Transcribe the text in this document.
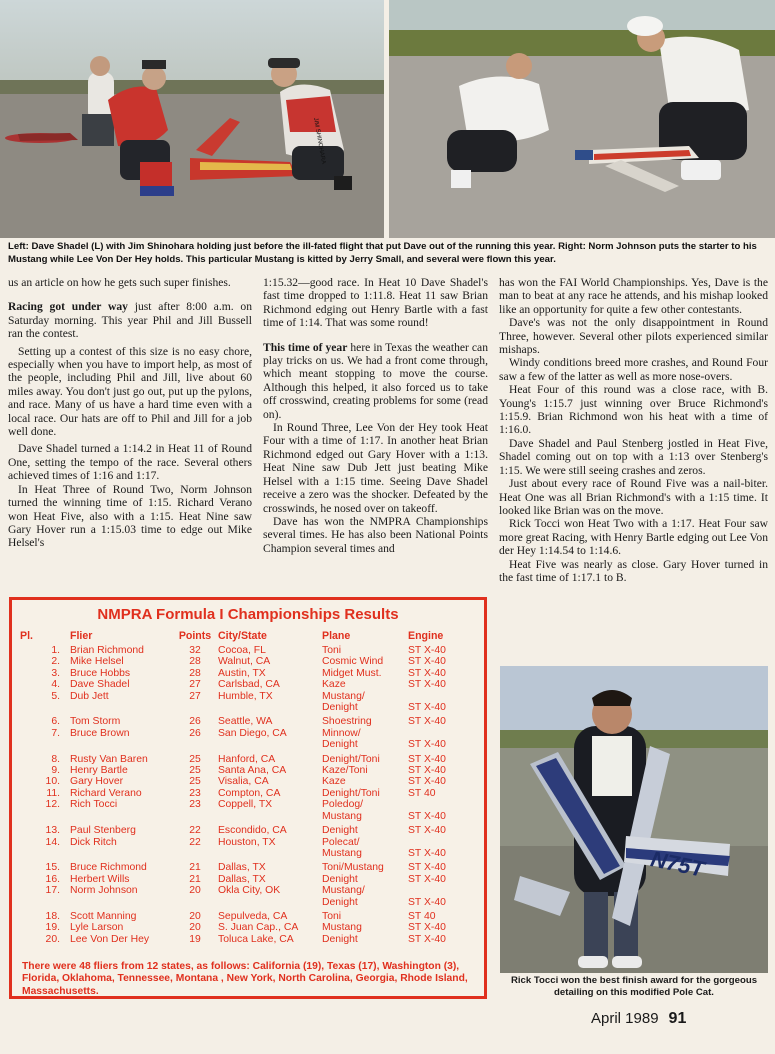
JIM SHINOHARA
Left: Dave Shadel (L) with Jim Shinohara holding just before the ill-fated flight that put Dave out of the running this year. Right: Norm Johnson puts the starter to his Mustang while Lee Von Der Hey holds. This particular Mustang is kitted by Jerry Small, and several were flown this year.

us an article on how he gets such super finishes.

Racing got under way just after 8:00 a.m. on Saturday morning. This year Phil and Jill Bussell ran the contest.

Setting up a contest of this size is no easy chore, especially when you have to import help, as most of the people, including Phil and Jill, live about 60 miles away. You don't just go out, put up the pylons, and race. Many of us have a hard time even with a local race. Our hats are off to Phil and Jill for a job well done.

Dave Shadel turned a 1:14.2 in Heat 11 of Round One, setting the tempo of the race. Several others achieved times of 1:16 and 1:17.

In Heat Three of Round Two, Norm Johnson turned the winning time of 1:15. Richard Verano won Heat Five, also with a 1:15. Heat Nine saw Gary Hover run a 1:15.03 time to edge out Mike Helsel's

1:15.32—good race. In Heat 10 Dave Shadel's fast time dropped to 1:11.8. Heat 11 saw Brian Richmond edging out Henry Bartle with a fast time of 1:14. That was some round!

This time of year here in Texas the weather can play tricks on us. We had a front come through, which meant stopping to move the course. Although this helped, it also forced us to take off crosswind, creating problems for some (read on).

In Round Three, Lee Von der Hey took Heat Four with a time of 1:17. In another heat Brian Richmond edged out Gary Hover with a 1:13. Heat Nine saw Dub Jett just beating Mike Helsel with a 1:15 time. Seeing Dave Shadel receive a zero was the shocker. Defeated by the crosswinds, he nosed over on takeoff.

Dave has won the NMPRA Championships several times. He has also been National Points Champion several times and

has won the FAI World Championships. Yes, Dave is the man to beat at any race he attends, and his mishap looked like an opportunity for quite a few other contestants.

Dave's was not the only disappointment in Round Three, however. Several other pilots experienced similar mishaps.

Windy conditions breed more crashes, and Round Four saw a few of the latter as well as more nose-overs.

Heat Four of this round was a close race, with B. Young's 1:15.7 just winning over Bruce Richmond's 1:15.9. Brian Richmond won his heat with a time of 1:16.0.

Dave Shadel and Paul Stenberg jostled in Heat Five, Shadel coming out on top with a 1:13 over Stenberg's 1:15. We were still seeing crashes and zeros.

Just about every race of Round Five was a nail-biter. Heat One was all Brian Richmond's with a 1:15 time. It looked like Brian was on the move.

Rick Tocci won Heat Two with a 1:17. Heat Four saw more great Racing, with Henry Bartle edging out Lee Von der Hey 1:14.54 to 1:14.6.

Heat Five was nearly as close. Gary Hover turned in the fast time of 1:17.1 to B.

NMPRA Formula I Championships Results
Pl.	Flier	Points	City/State	Plane	Engine
1.	Brian Richmond	32	Cocoa, FL	Toni	ST X-40
2.	Mike Helsel	28	Walnut, CA	Cosmic Wind	ST X-40
3.	Bruce Hobbs	28	Austin, TX	Midget Must.	ST X-40
4.	Dave Shadel	27	Carlsbad, CA	Kaze	ST X-40
5.	Dub Jett	27	Humble, TX	Mustang/	
				Denight	ST X-40
6.	Tom Storm	26	Seattle, WA	Shoestring	ST X-40
7.	Bruce Brown	26	San Diego, CA	Minnow/	
				Denight	ST X-40
8.	Rusty Van Baren	25	Hanford, CA	Denight/Toni	ST X-40
9.	Henry Bartle	25	Santa Ana, CA	Kaze/Toni	ST X-40
10.	Gary Hover	25	Visalia, CA	Kaze	ST X-40
11.	Richard Verano	23	Compton, CA	Denight/Toni	ST 40
12.	Rich Tocci	23	Coppell, TX	Poledog/	
				Mustang	ST X-40
13.	Paul Stenberg	22	Escondido, CA	Denight	ST X-40
14.	Dick Ritch	22	Houston, TX	Polecat/	
				Mustang	ST X-40
15.	Bruce Richmond	21	Dallas, TX	Toni/Mustang	ST X-40
16.	Herbert Wills	21	Dallas, TX	Denight	ST X-40
17.	Norm Johnson	20	Okla City, OK	Mustang/	
				Denight	ST X-40
18.	Scott Manning	20	Sepulveda, CA	Toni	ST 40
19.	Lyle Larson	20	S. Juan Cap., CA	Mustang	ST X-40
20.	Lee Von Der Hey	19	Toluca Lake, CA	Denight	ST X-40
There were 48 fliers from 12 states, as follows: California (19), Texas (17), Washington (3), Florida, Oklahoma, Tennessee, Montana , New York, North Carolina, Georgia, Rhode Island, Massachusetts.
N75T
Rick Tocci won the best finish award for the gorgeous detailing on this modified Pole Cat.
April 1989 91
